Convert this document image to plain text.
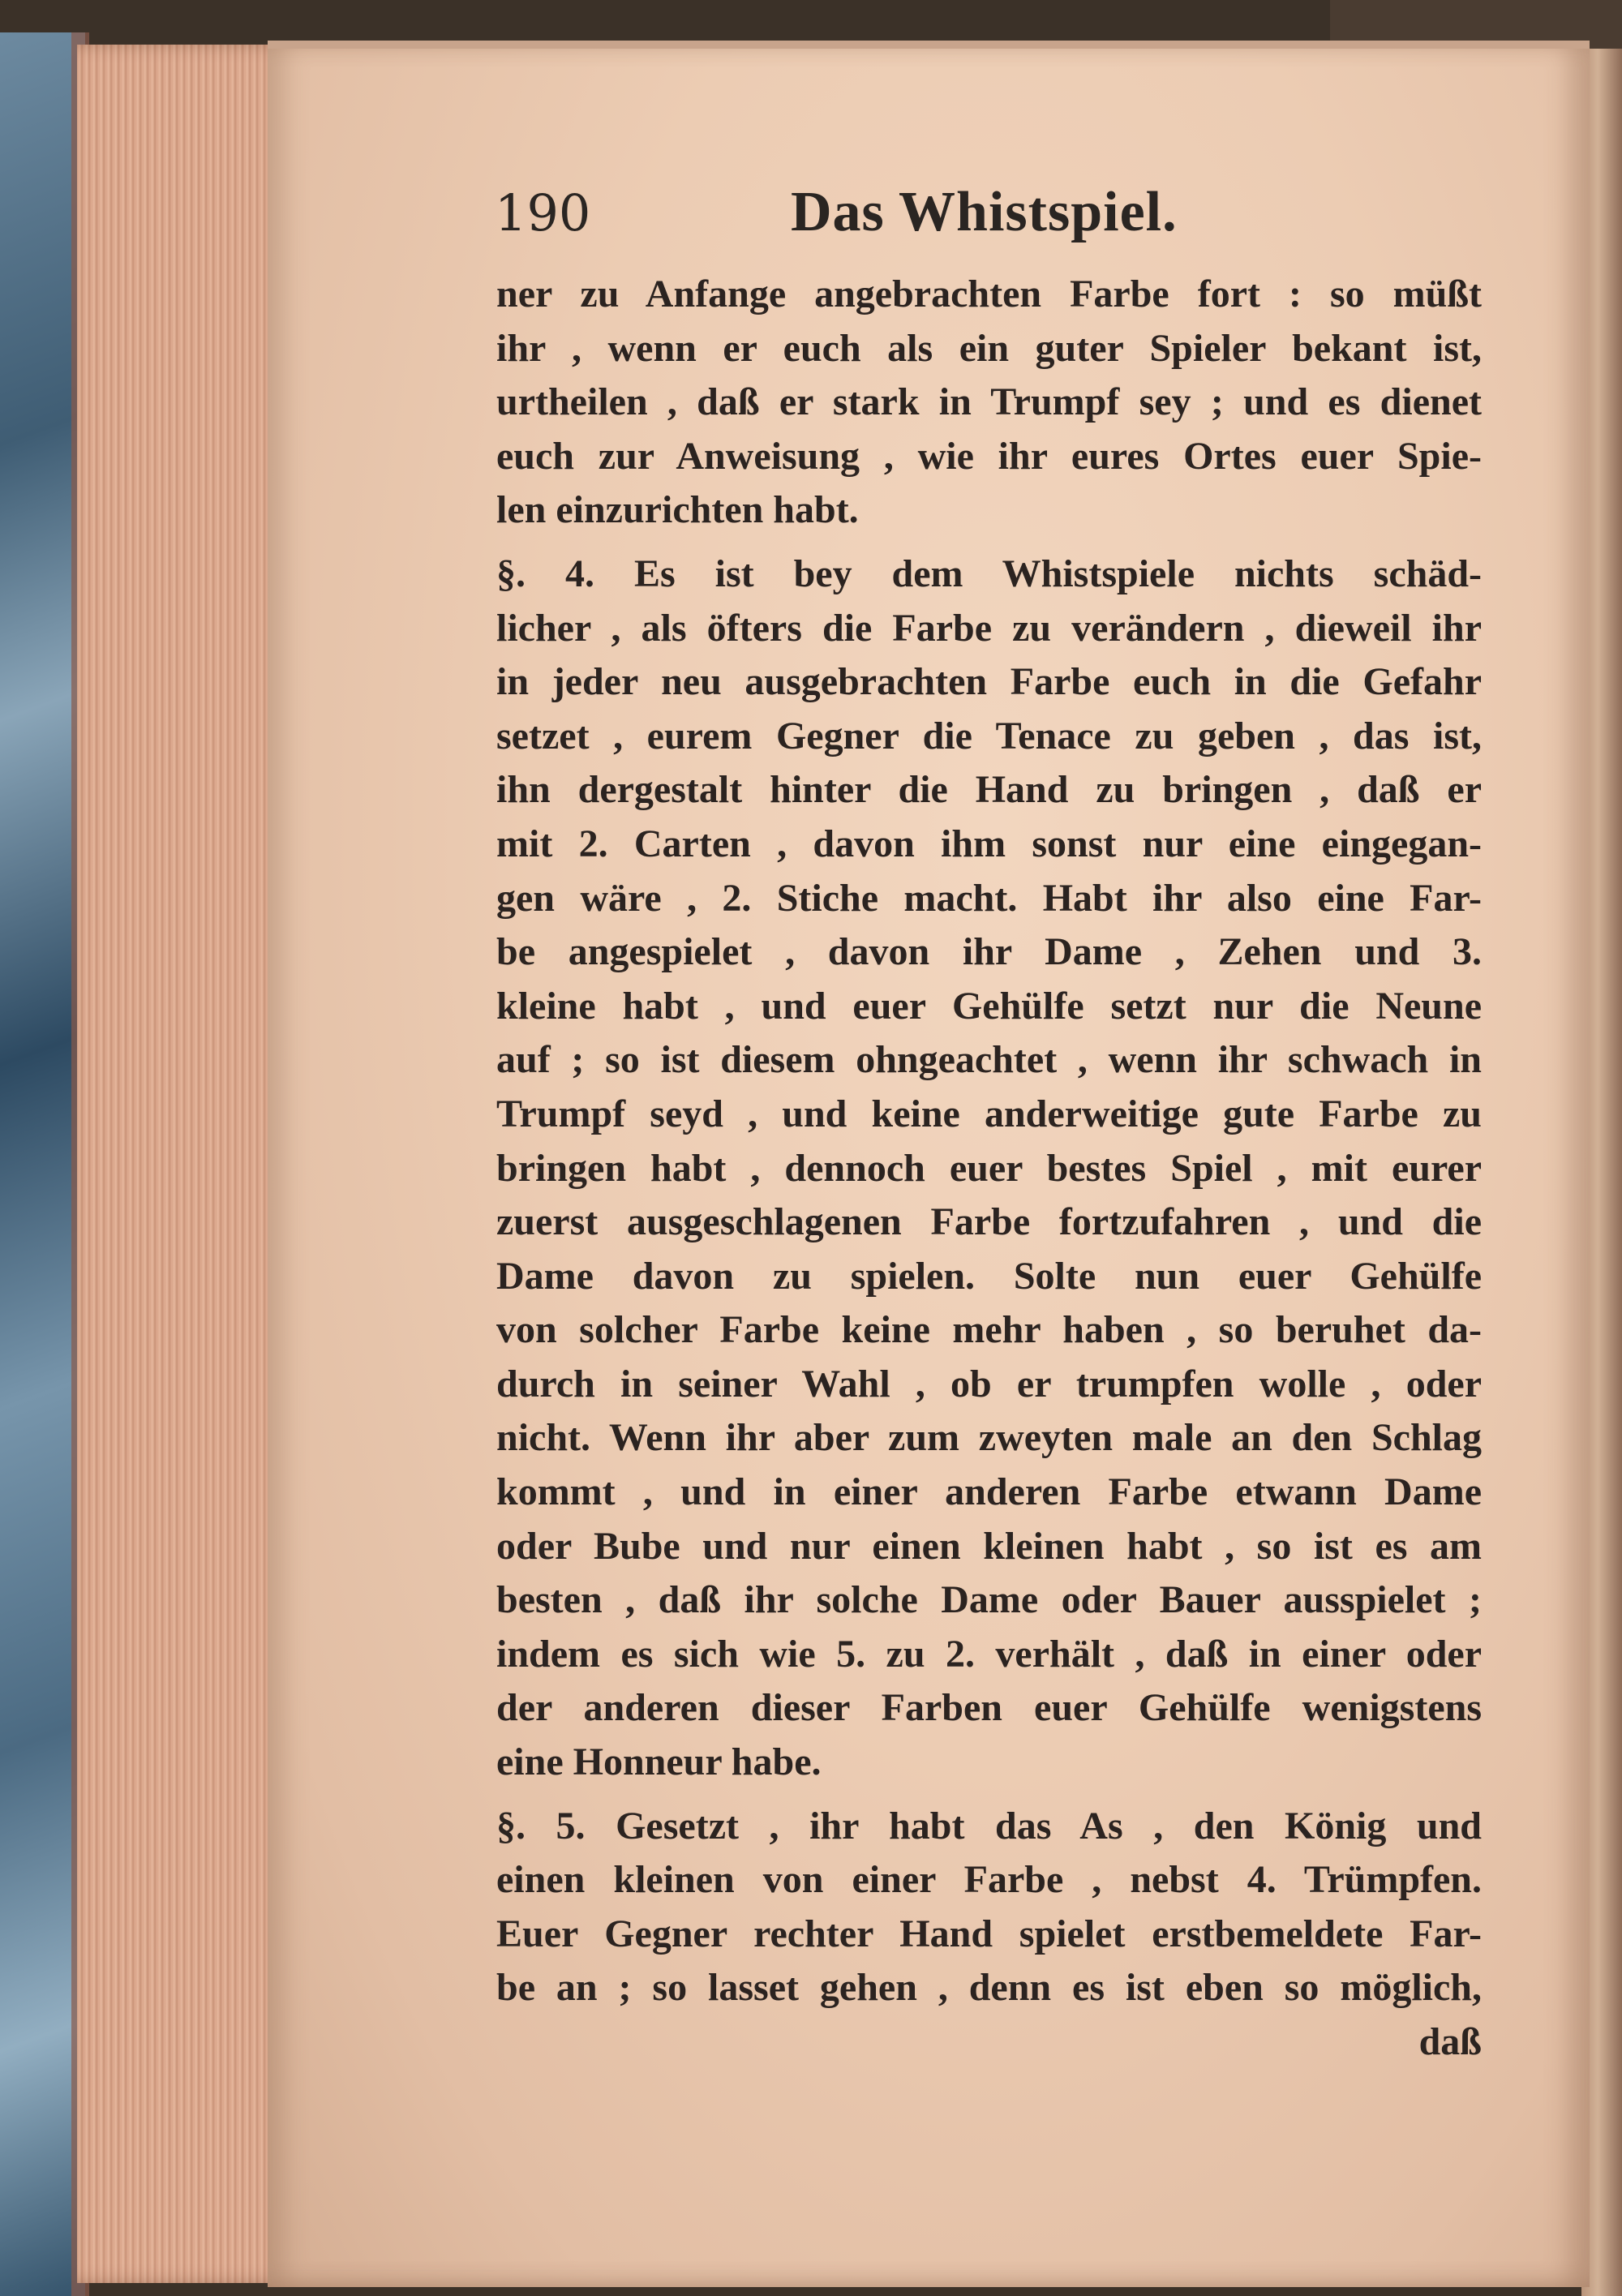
190	Das Whistspiel.
ner zu Anfange angebrachten Farbe fort : so müßt
ihr , wenn er euch als ein guter Spieler bekant ist,
urtheilen , daß er stark in Trumpf sey ; und es dienet
euch zur Anweisung , wie ihr eures Ortes euer Spie-
len einzurichten habt.
§. 4. Es ist bey dem Whistspiele nichts schäd-
licher , als öfters die Farbe zu verändern , dieweil ihr
in jeder neu ausgebrachten Farbe euch in die Gefahr
setzet , eurem Gegner die Tenace zu geben , das ist,
ihn dergestalt hinter die Hand zu bringen , daß er
mit 2. Carten , davon ihm sonst nur eine eingegan-
gen wäre , 2. Stiche macht. Habt ihr also eine Far-
be angespielet , davon ihr Dame , Zehen und 3.
kleine habt , und euer Gehülfe setzt nur die Neune
auf ; so ist diesem ohngeachtet , wenn ihr schwach in
Trumpf seyd , und keine anderweitige gute Farbe zu
bringen habt , dennoch euer bestes Spiel , mit eurer
zuerst ausgeschlagenen Farbe fortzufahren , und die
Dame davon zu spielen. Solte nun euer Gehülfe
von solcher Farbe keine mehr haben , so beruhet da-
durch in seiner Wahl , ob er trumpfen wolle , oder
nicht. Wenn ihr aber zum zweyten male an den Schlag
kommt , und in einer anderen Farbe etwann Dame
oder Bube und nur einen kleinen habt , so ist es am
besten , daß ihr solche Dame oder Bauer ausspielet ;
indem es sich wie 5. zu 2. verhält , daß in einer oder
der anderen dieser Farben euer Gehülfe wenigstens
eine Honneur habe.
§. 5. Gesetzt , ihr habt das As , den König und
einen kleinen von einer Farbe , nebst 4. Trümpfen.
Euer Gegner rechter Hand spielet erstbemeldete Far-
be an ; so lasset gehen , denn es ist eben so möglich,
daß
